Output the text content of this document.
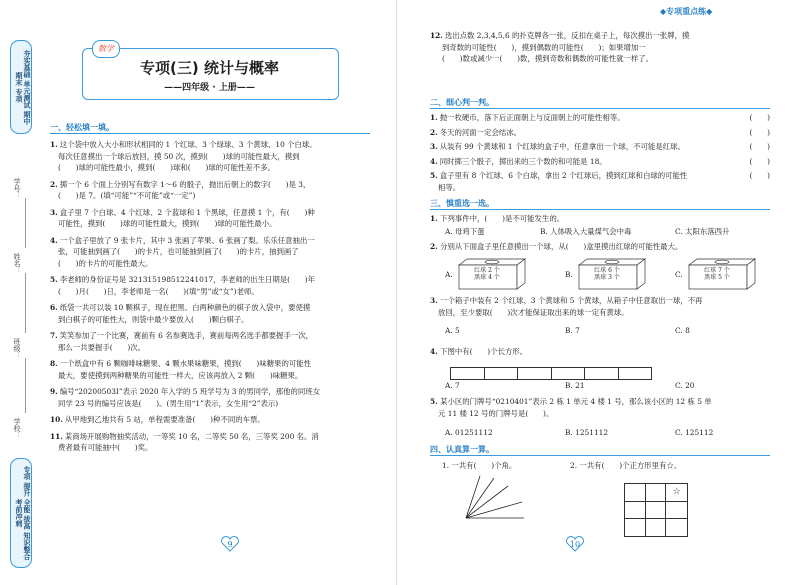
夯实基础 单元测试 期中期末 专项
学号：
姓名：
班级：
学校：
专项 提升 全能 拔高 知识整合 考前冲刺
数学
专项(三) 统计与概率
——四年级 · 上册——
一、轻松填一填。
1. 这个袋中放入大小和形状相同的 1 个红球、3 个绿球、3 个黄球、10 个白球。
每次任意摸出一个球后放回，摸 50 次，摸到(　　)球的可能性最大，摸到
(　　)球的可能性最小，摸到(　　)球和(　　)球的可能性差不多。
2. 掷一个 6 个面上分别写有数字 1～6 的骰子，抛出后朝上的数字(　　)是 3，
(　　)是 7。(填“可能”“不可能”或“一定”)
3. 盒子里 7 个白球、4 个红球、2 个蓝球和 1 个黑球，任意摸 1 个，有(　　)种
可能性，摸到(　　)球的可能性最大，摸到(　　)球的可能性最小。
4. 一个盒子里放了 9 张卡片，其中 3 张画了苹果、6 张画了梨。乐乐任意抽出一
张，可能抽到画了(　　)的卡片，也可能抽到画了(　　)的卡片，抽到画了
(　　)的卡片的可能性最大。
5. 李老师的身份证号是 321315198512241017，李老师的出生日期是(　　)年
(　　)月(　　)日，李老师是一名(　　)(填“男”或“女”)老师。
6. 纸袋一共可以装 10 颗棋子，现在把黑、白两种颜色的棋子放入袋中，要使摸
到白棋子的可能性大，则袋中最少要放入(　　)颗白棋子。
7. 笑笑参加了一个比赛，赛前有 6 名参赛选手，赛前每两名选手都要握手一次，
那么一共要握手(　　)次。
8. 一个纸盒中有 6 颗咖啡味糖果、4 颗水果味糖果，摸到(　　)味糖果的可能性
最大，要使摸到两种糖果的可能性一样大，应该再放入 2 颗(　　)味糖果。
9. 编号“20200503I”表示 2020 年入学的 5 班学号为 3 的男同学，那他的同班女
同学 23 号的编号应该是(　　)。(男生用“1”表示，女生用“2”表示)
10. 从甲地到乙地共有 5 站，单程需要准备(　　)种不同的车票。
11. 某商场开展购物抽奖活动，一等奖 10 名，二等奖 50 名，三等奖 200 名。消
费者最有可能抽中(　　)奖。
9
◆专项重点练◆
12. 选出点数 2,3,4,5,6 的扑克牌各一张，反扣在桌子上，每次摸出一张牌，摸
到奇数的可能性(　　)，摸到偶数的可能性(　　)；如果增加一
(　　)数或减少一(　　)数，摸到奇数和偶数的可能性就一样了。
二、细心判一判。
1. 抛一枚硬币，落下后正面朝上与反面朝上的可能性相等。	(　　)
2. 冬天的河面一定会结冰。	(　　)
3. 从装有 99 个黄球和 1 个红球的盒子中，任意拿出一个球，不可能是红球。	(　　)
4. 同时掷三个骰子，掷出来的三个数的和可能是 18。	(　　)
5. 盒子里有 8 个红球、6 个白球，拿出 2 个红球后，摸到红球和白球的可能性
相等。
(　　)
三、慎重选一选。
1. 下列事件中，(　　)是不可能发生的。
A. 母鸡下蛋	B. 人体吸入大量煤气会中毒	C. 太阳东落西升
2. 分别从下面盒子里任意摸出一个球，从(　　)盒里摸出红球的可能性最大。
A.	红球 2 个
黑球 4 个	B.	红球 6 个
黑球 3 个	C.	红球 7 个
黑球 5 个
3. 一个箱子中装有 2 个红球、3 个黄球和 5 个黄球，从箱子中任意取出一球，不再
放回，至少要取(　　)次才能保证取出来的球一定有黄球。
A. 5	B. 7	C. 8
4. 下图中有(　　)个长方形。
A. 7	B. 21	C. 20
5. 某小区的门牌号“0210401”表示 2 栋 1 单元 4 楼 1 号，那么该小区的 12 栋 5 单
元 11 楼 12 号的门牌号是(　　)。
A. 01251112	B. 1251112	C. 125112
四、认真算一算。
1. 一共有(　　)个角。	2. 一共有(　　)个正方形里有☆。
10
☆
